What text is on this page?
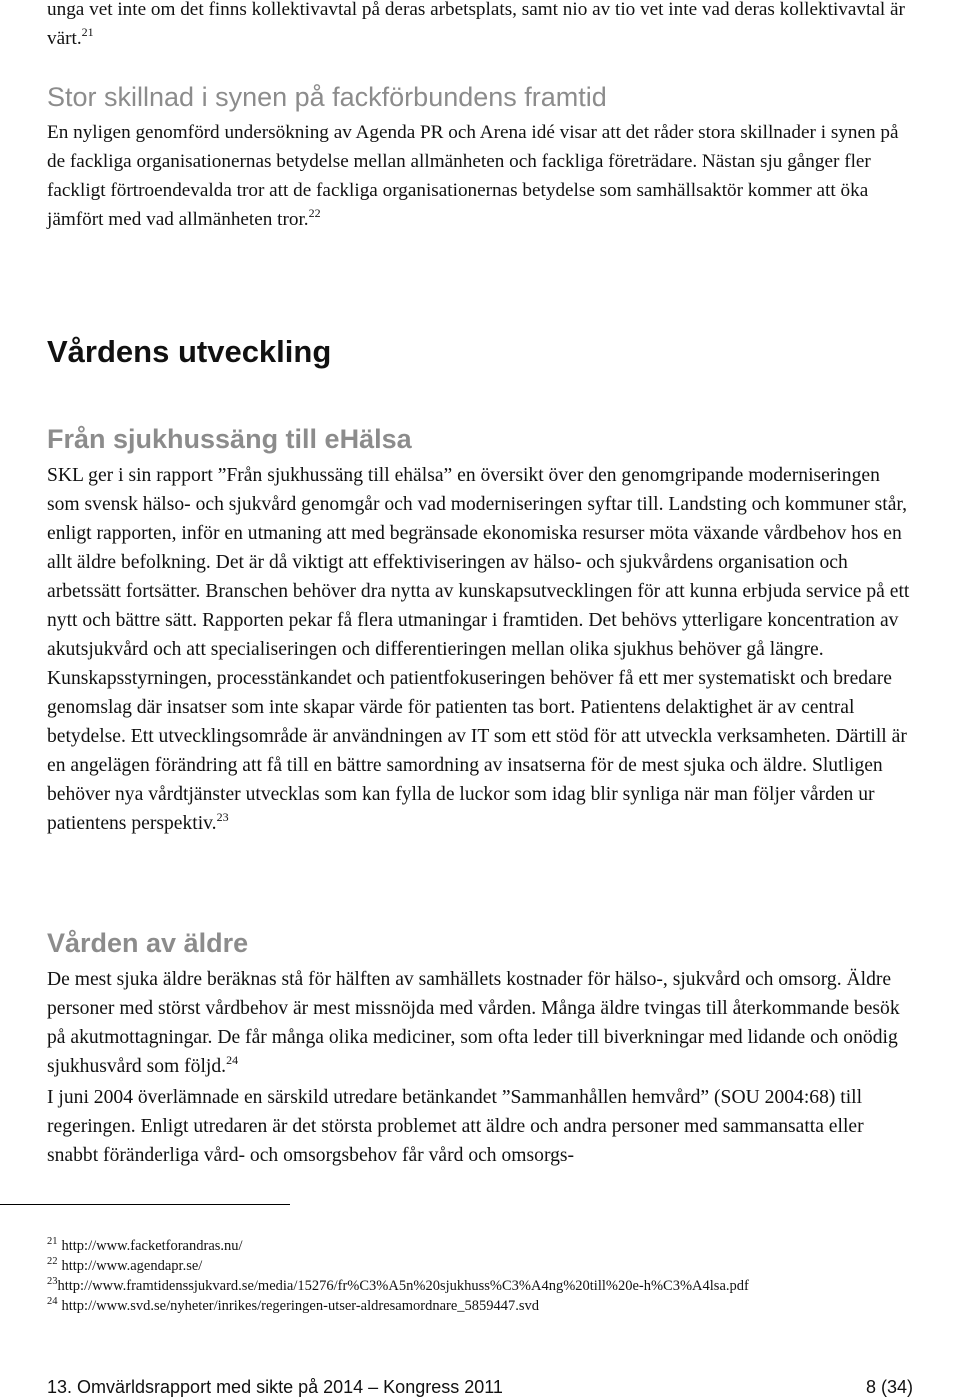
unga vet inte om det finns kollektivavtal på deras arbetsplats, samt nio av tio vet inte vad deras kollektivavtal är värt.$^{21}$

Stor skillnad i synen på fackförbundens framtid

En nyligen genomförd undersökning av Agenda PR och Arena idé visar att det råder stora skillnader i synen på de fackliga organisationernas betydelse mellan allmänheten och fackliga företrädare. Nästan sju gånger fler fackligt förtroendevalda tror att de fackliga organisationernas betydelse som samhällsaktör kommer att öka jämfört med vad allmänheten tror.$^{22}$

Vårdens utveckling
Från sjukhussäng till eHälsa

SKL ger i sin rapport ”Från sjukhussäng till ehälsa” en översikt över den genomgripande moderniseringen som svensk hälso- och sjukvård genomgår och vad moderniseringen syftar till. Landsting och kommuner står, enligt rapporten, inför en utmaning att med begränsade ekonomiska resurser möta växande vårdbehov hos en allt äldre befolkning. Det är då viktigt att effektiviseringen av hälso- och sjukvårdens organisation och arbetssätt fortsätter. Branschen behöver dra nytta av kunskapsutvecklingen för att kunna erbjuda service på ett nytt och bättre sätt. Rapporten pekar få flera utmaningar i framtiden. Det behövs ytterligare koncentration av akutsjukvård och att specialiseringen och differentieringen mellan olika sjukhus behöver gå längre. Kunskapsstyrningen, processtänkandet och patientfokuseringen behöver få ett mer systematiskt och bredare genomslag där insatser som inte skapar värde för patienten tas bort. Patientens delaktighet är av central betydelse. Ett utvecklingsområde är användningen av IT som ett stöd för att utveckla verksamheten. Därtill är en angelägen förändring att få till en bättre samordning av insatserna för de mest sjuka och äldre. Slutligen behöver nya vårdtjänster utvecklas som kan fylla de luckor som idag blir synliga när man följer vården ur patientens perspektiv.$^{23}$

Vården av äldre

De mest sjuka äldre beräknas stå för hälften av samhällets kostnader för hälso-, sjukvård och omsorg. Äldre personer med störst vårdbehov är mest missnöjda med vården. Många äldre tvingas till återkommande besök på akutmottagningar. De får många olika mediciner, som ofta leder till biverkningar med lidande och onödig sjukhusvård som följd.$^{24}$

I juni 2004 överlämnade en särskild utredare betänkandet ”Sammanhållen hemvård” (SOU 2004:68) till regeringen. Enligt utredaren är det största problemet att äldre och andra personer med sammansatta eller snabbt föränderliga vård- och omsorgsbehov får vård och omsorgs-

$^{21}$ http://www.facketforandras.nu/
$^{22}$ http://www.agendapr.se/
$^{23}$http://www.framtidenssjukvard.se/media/15276/fr%C3%A5n%20sjukhuss%C3%A4ng%20till%20e-h%C3%A4lsa.pdf
$^{24}$ http://www.svd.se/nyheter/inrikes/regeringen-utser-aldresamordnare_5859447.svd
13. Omvärldsrapport med sikte på 2014 – Kongress 2011	8 (34)
